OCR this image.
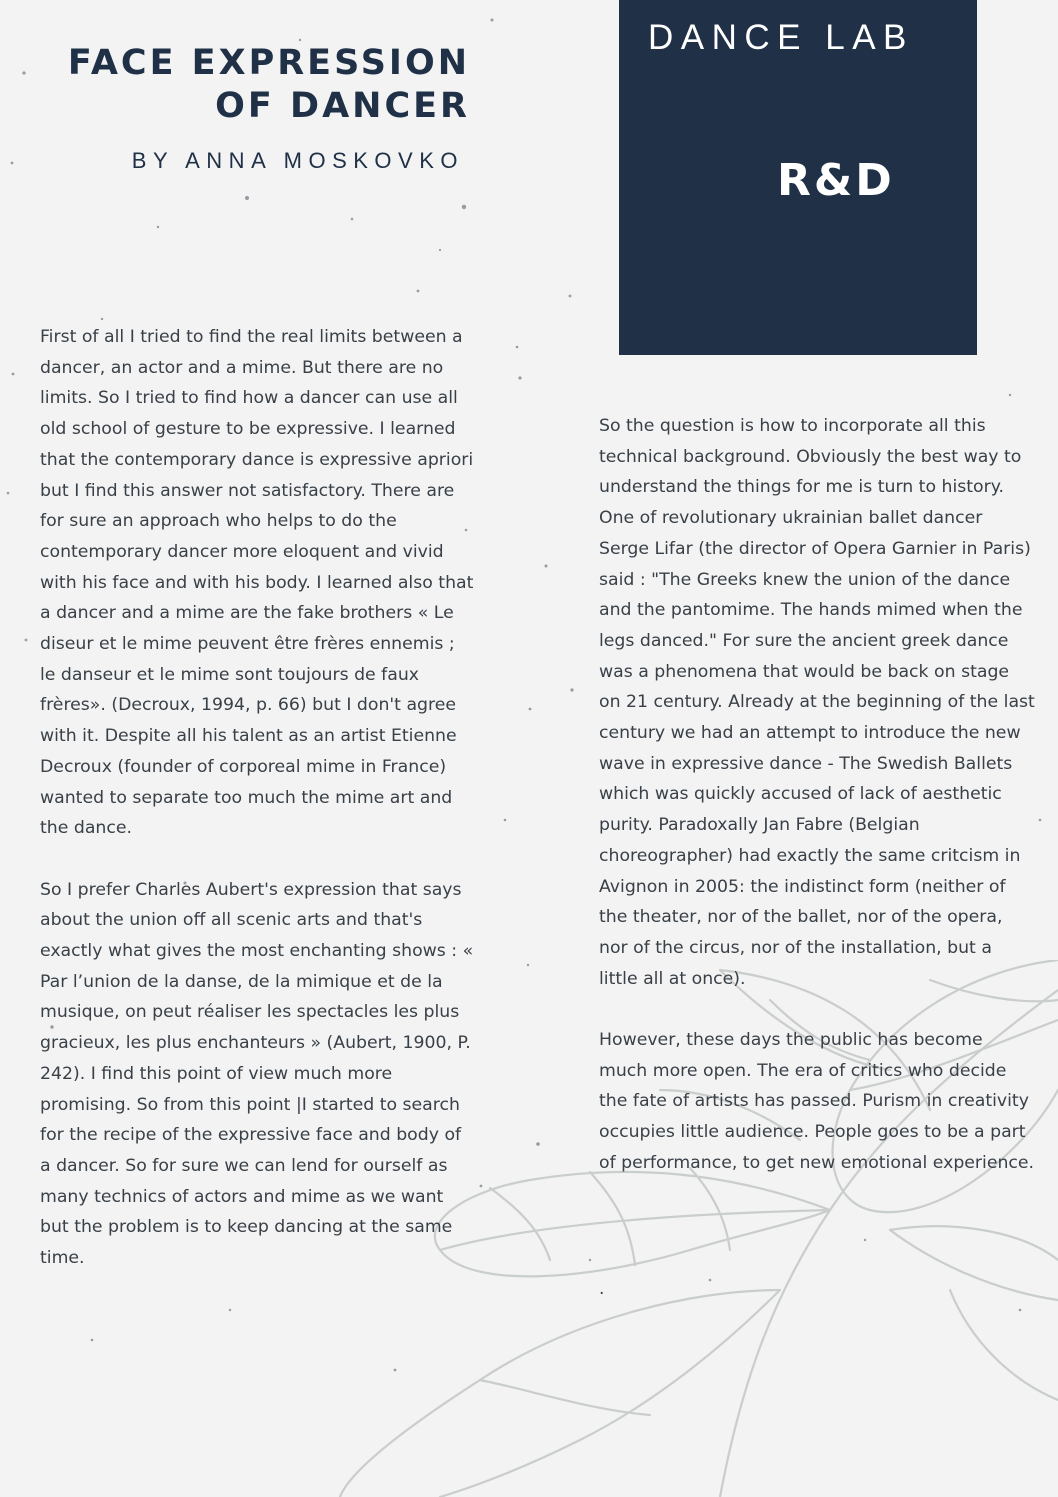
FACE EXPRESSION
OF DANCER
BY ANNA MOSKOVKO
DANCE LAB
R&D

First of all I tried to find the real limits between a dancer, an actor and a mime. But there are no limits. So I tried to find how a dancer can use all old school of gesture to be expressive. I learned that the contemporary dance is expressive apriori but I find this answer not satisfactory. There are for sure an approach who helps to do the contemporary dancer more eloquent and vivid with his face and with his body. I learned also that a dancer and a mime are the fake brothers « Le diseur et le mime peuvent être frères ennemis ; le danseur et le mime sont toujours de faux frères». (Decroux, 1994, p. 66) but I don't agree with it. Despite all his talent as an artist Etienne Decroux (founder of corporeal mime in France) wanted to separate too much the mime art and the dance.

So I prefer Charles Aubert's expression that says about the union off all scenic arts and that's exactly what gives the most enchanting shows : « Par l’union de la danse, de la mimique et de la musique, on peut réaliser les spectacles les plus gracieux, les plus enchanteurs » (Aubert, 1900, P. 242). I find this point of view much more promising. So from this point |I started to search for the recipe of the expressive face and body of a dancer. So for sure we can lend for ourself as many technics of actors and mime as we want but the problem is to keep dancing at the same time.

So the question is how to incorporate all this technical background. Obviously the best way to understand the things for me is turn to history. One of revolutionary ukrainian ballet dancer Serge Lifar (the director of Opera Garnier in Paris) said : "The Greeks knew the union of the dance and the pantomime. The hands mimed when the legs danced." For sure the ancient greek dance was a phenomena that would be back on stage on 21 century. Already at the beginning of the last century we had an attempt to introduce the new wave in expressive dance - The Swedish Ballets which was quickly accused of lack of aesthetic purity. Paradoxally Jan Fabre (Belgian choreographer) had exactly the same critcism in Avignon in 2005: the indistinct form (neither of the theater, nor of the ballet, nor of the opera, nor of the circus, nor of the installation, but a little all at once).

However, these days the public has become much more open. The era of critics who decide the fate of artists has passed. Purism in creativity occupies little audience. People goes to be a part of performance, to get new emotional experience.

.
